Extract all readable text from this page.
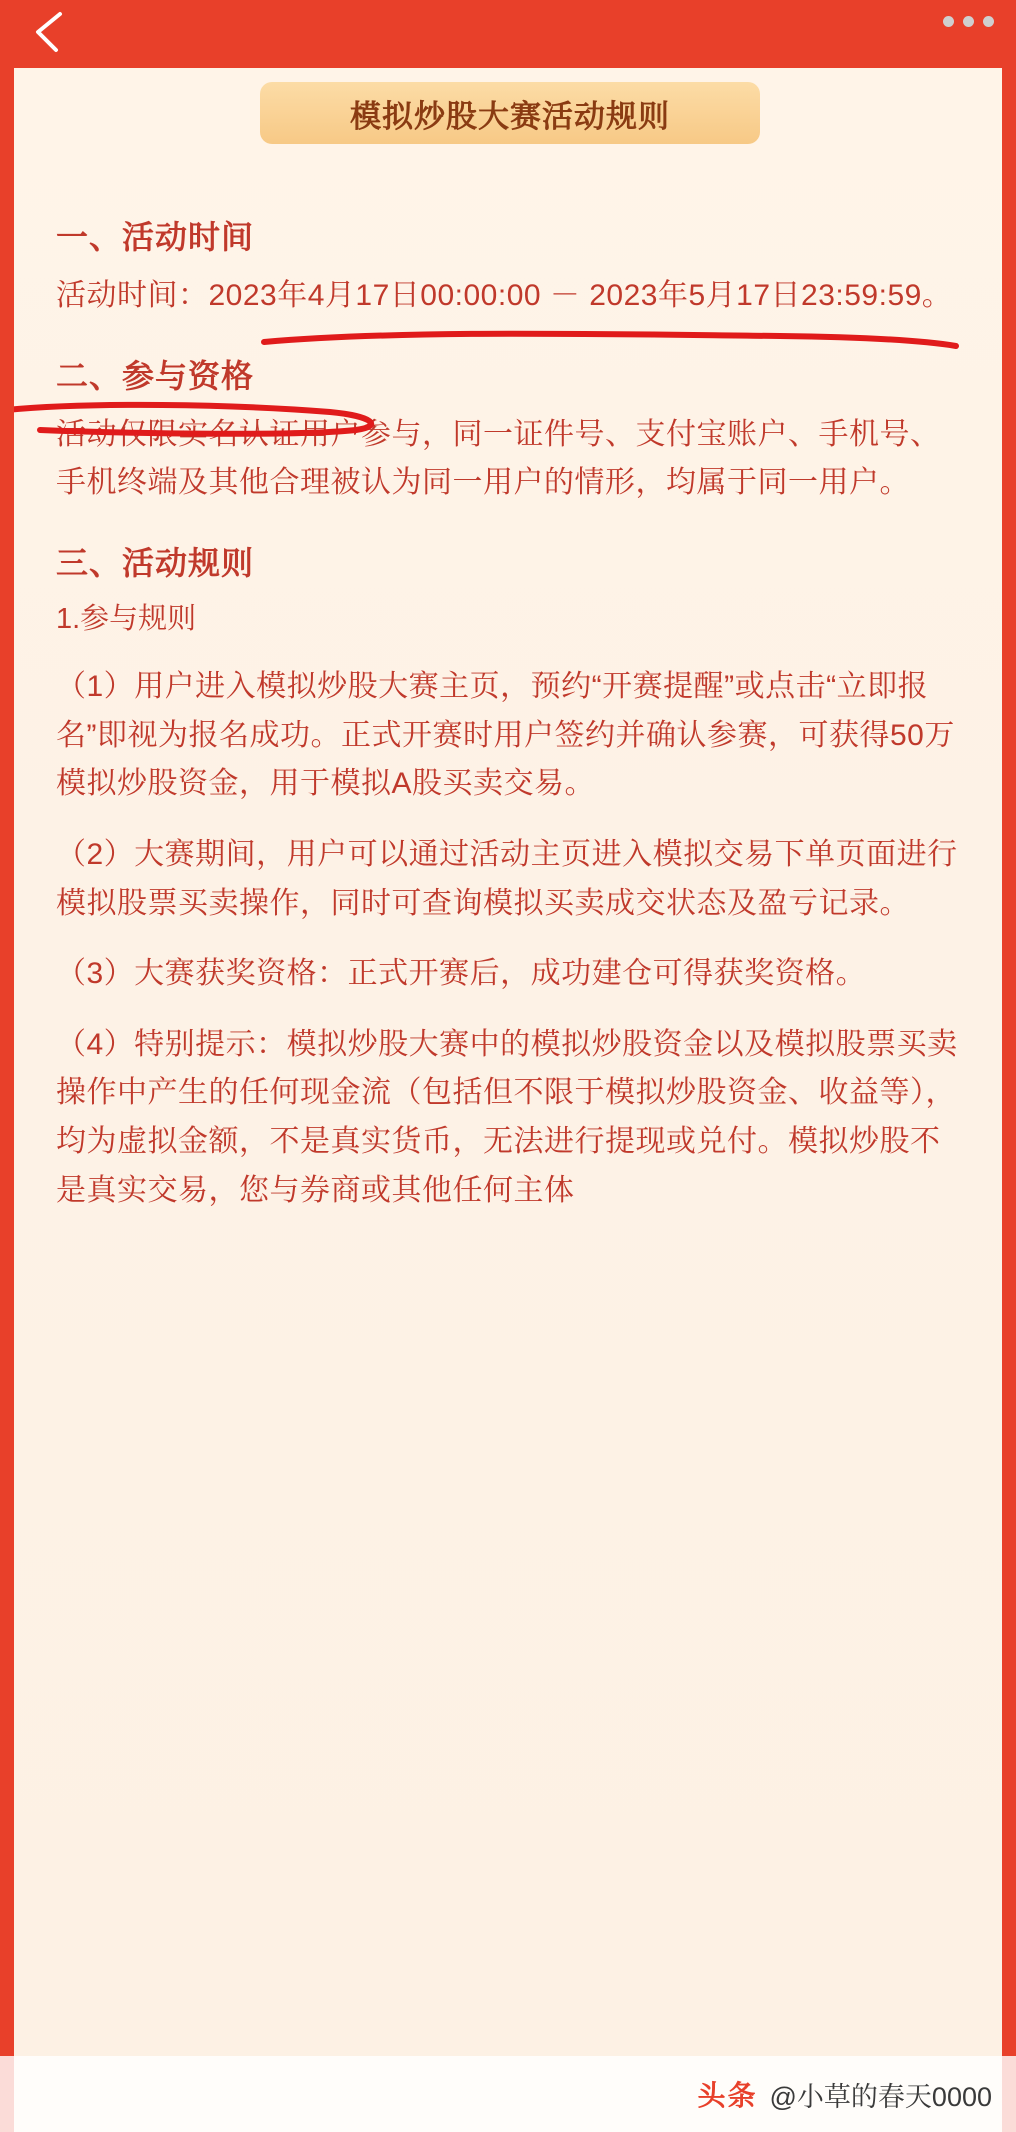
模拟炒股大赛活动规则
一、活动时间

活动时间：2023年4月17日00:00:00 － 2023年5月17日23:59:59。

二、参与资格

活动仅限实名认证用户参与，同一证件号、支付宝账户、手机号、手机终端及其他合理被认为同一用户的情形，均属于同一用户。

三、活动规则

1.参与规则

（1）用户进入模拟炒股大赛主页，预约“开赛提醒”或点击“立即报名”即视为报名成功。正式开赛时用户签约并确认参赛，可获得50万模拟炒股资金，用于模拟A股买卖交易。

（2）大赛期间，用户可以通过活动主页进入模拟交易下单页面进行模拟股票买卖操作，同时可查询模拟买卖成交状态及盈亏记录。

（3）大赛获奖资格：正式开赛后，成功建仓可得获奖资格。

（4）特别提示：模拟炒股大赛中的模拟炒股资金以及模拟股票买卖操作中产生的任何现金流（包括但不限于模拟炒股资金、收益等），均为虚拟金额，不是真实货币，无法进行提现或兑付。模拟炒股不是真实交易，您与券商或其他任何主体

头条 @小草的春天0000
